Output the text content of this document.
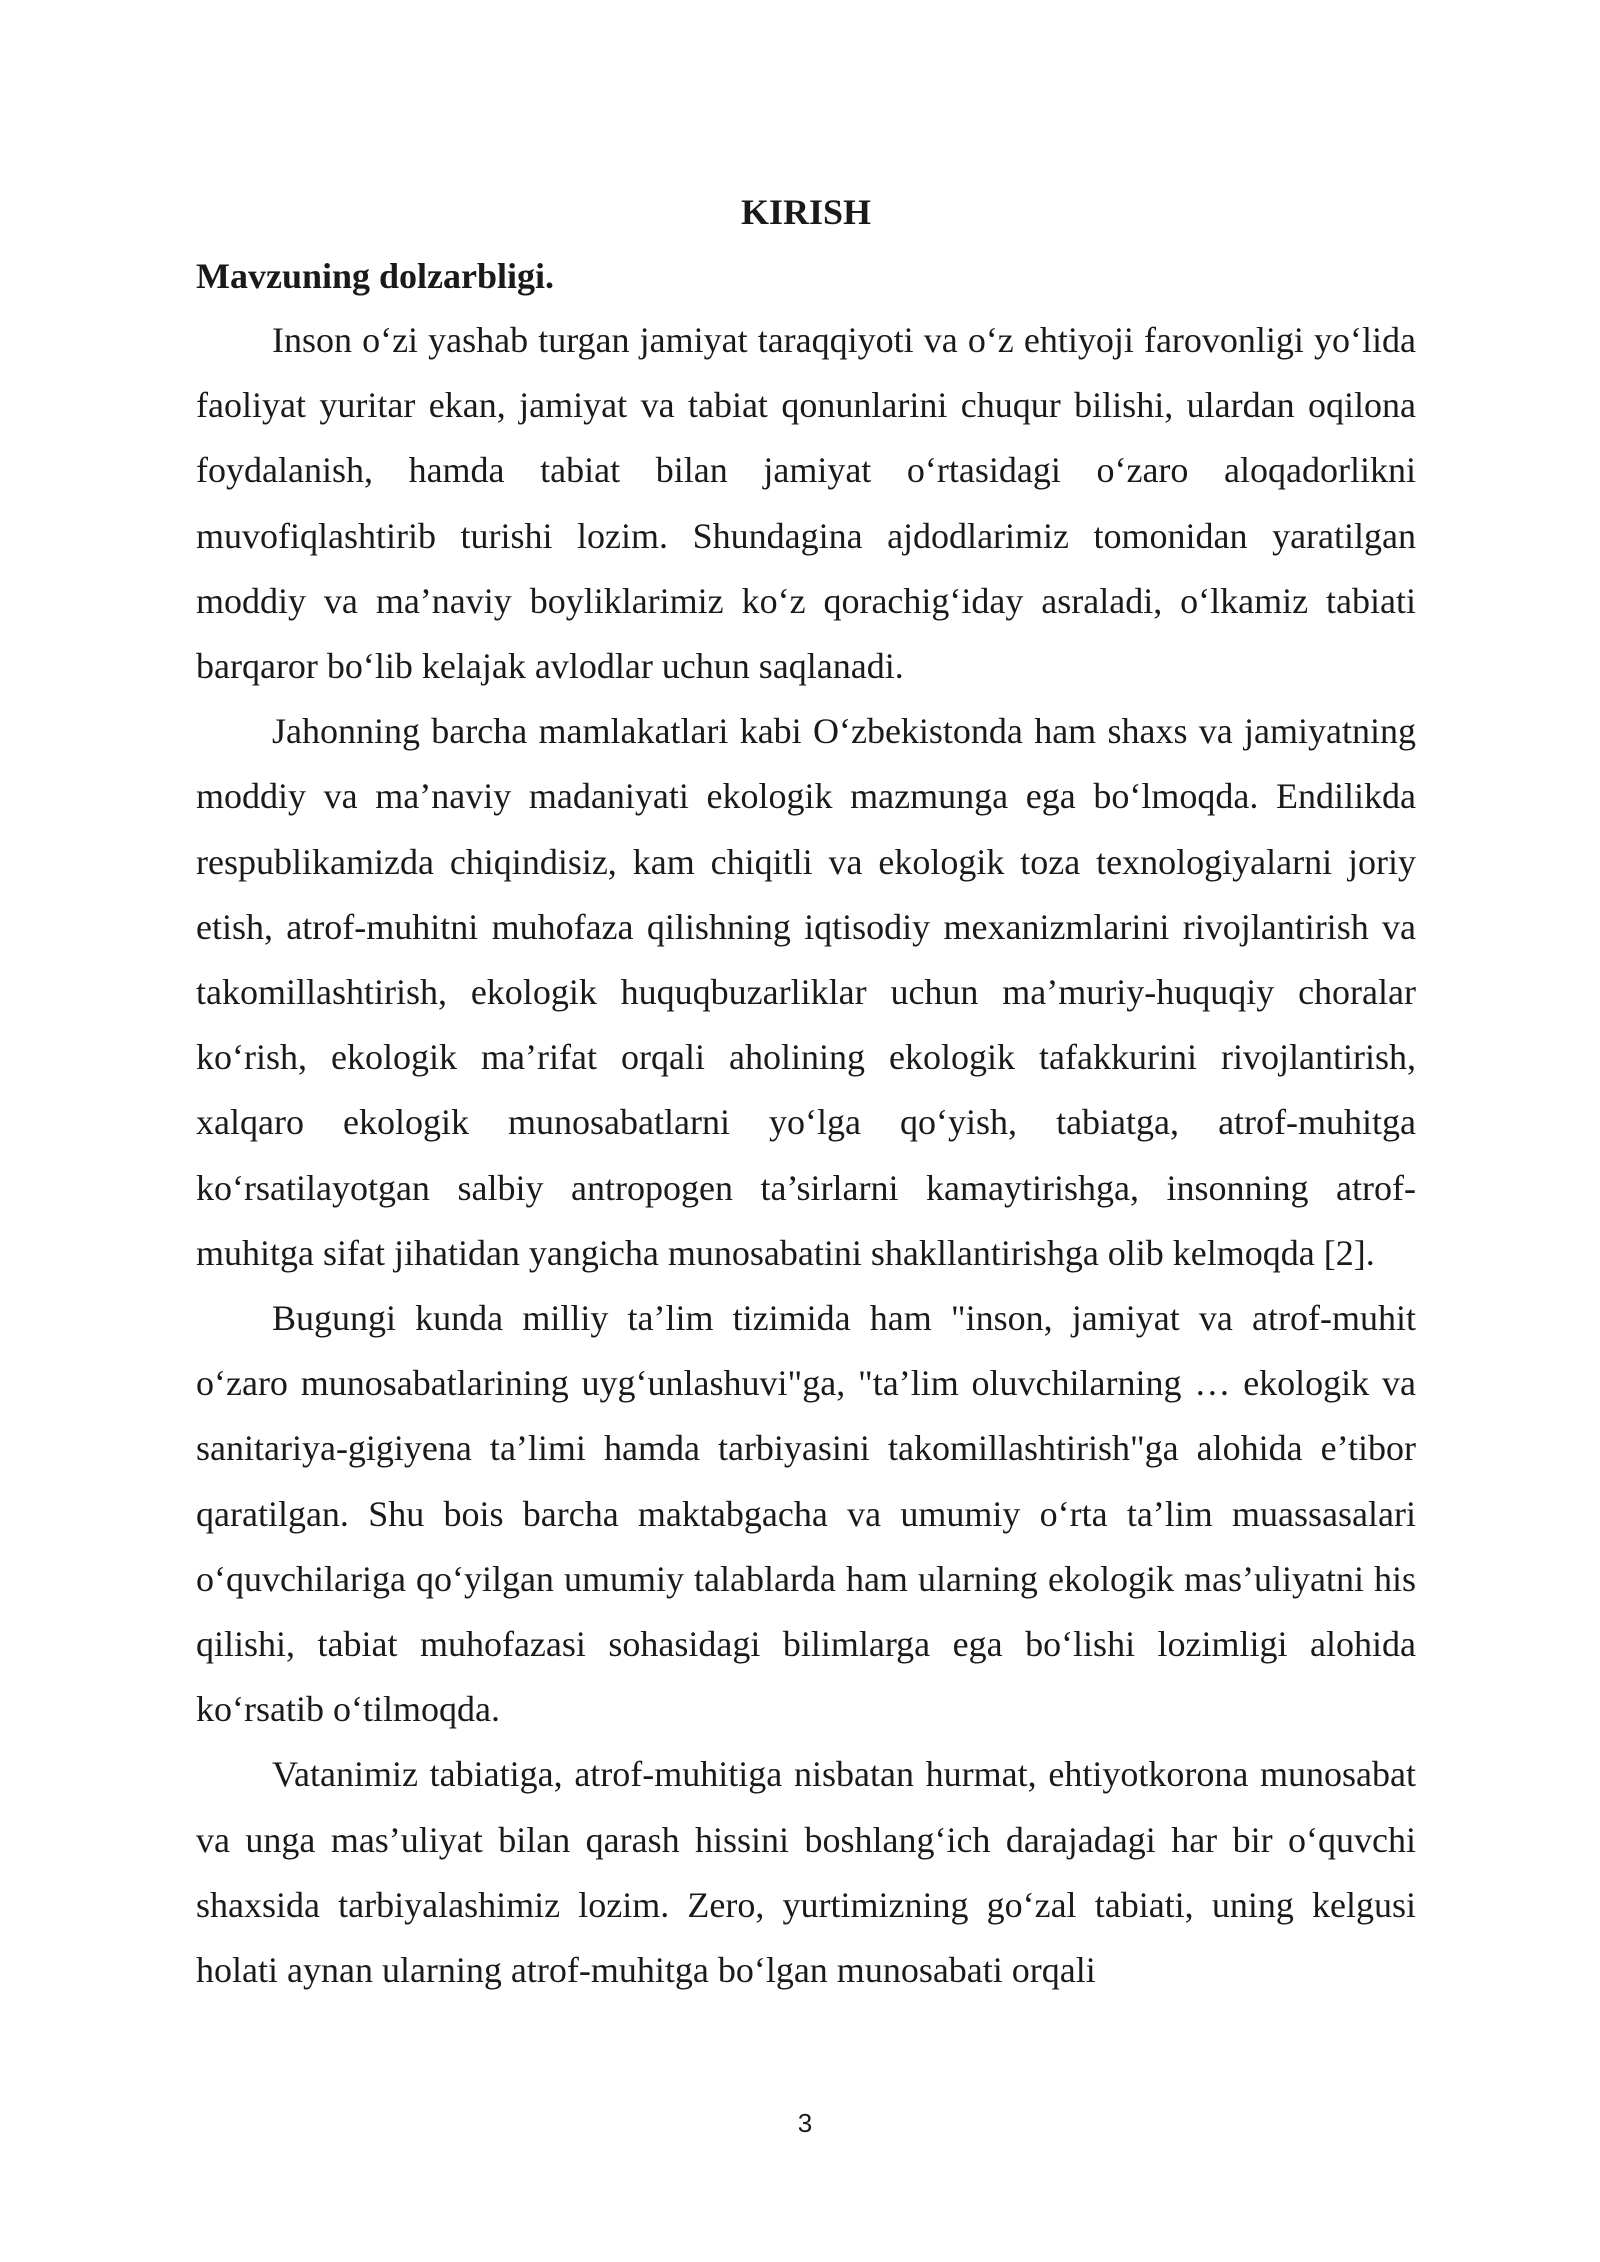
KIRISH
Mavzuning dolzarbligi.

Inson o‘zi yashab turgan jamiyat taraqqiyoti va o‘z ehtiyoji farovonligi yo‘lida faoliyat yuritar ekan, jamiyat va tabiat qonunlarini chuqur bilishi, ulardan oqilona foydalanish, hamda tabiat bilan jamiyat o‘rtasidagi o‘zaro aloqadorlikni muvofiqlashtirib turishi lozim. Shundagina ajdodlarimiz tomonidan yaratilgan moddiy va ma’naviy boyliklarimiz ko‘z qorachig‘iday asraladi, o‘lkamiz tabiati barqaror bo‘lib kelajak avlodlar uchun saqlanadi.

Jahonning barcha mamlakatlari kabi O‘zbekistonda ham shaxs va jamiyatning moddiy va ma’naviy madaniyati ekologik mazmunga ega bo‘lmoqda. Endilikda respublikamizda chiqindisiz, kam chiqitli va ekologik toza texnologiyalarni joriy etish, atrof-muhitni muhofaza qilishning iqtisodiy mexanizmlarini rivojlantirish va takomillashtirish, ekologik huquqbuzarliklar uchun ma’muriy-huquqiy choralar ko‘rish, ekologik ma’rifat orqali aholining ekologik tafakkurini rivojlantirish, xalqaro ekologik munosabatlarni yo‘lga qo‘yish, tabiatga, atrof-muhitga ko‘rsatilayotgan salbiy antropogen ta’sirlarni kamaytirishga, insonning atrof-muhitga sifat jihatidan yangicha munosabatini shakllantirishga olib kelmoqda [2].

Bugungi kunda milliy ta’lim tizimida ham "inson, jamiyat va atrof-muhit o‘zaro munosabatlarining uyg‘unlashuvi"ga, "ta’lim oluvchilarning … ekologik va sanitariya-gigiyena ta’limi hamda tarbiyasini takomillashtirish"ga alohida e’tibor qaratilgan. Shu bois barcha maktabgacha va umumiy o‘rta ta’lim muassasalari o‘quvchilariga qo‘yilgan umumiy talablarda ham ularning ekologik mas’uliyatni his qilishi, tabiat muhofazasi sohasidagi bilimlarga ega bo‘lishi lozimligi alohida ko‘rsatib o‘tilmoqda.

Vatanimiz tabiatiga, atrof-muhitiga nisbatan hurmat, ehtiyotkorona munosabat va unga mas’uliyat bilan qarash hissini boshlang‘ich darajadagi har bir o‘quvchi shaxsida tarbiyalashimiz lozim. Zero, yurtimizning go‘zal tabiati, uning kelgusi holati aynan ularning atrof-muhitga bo‘lgan munosabati orqali

3
